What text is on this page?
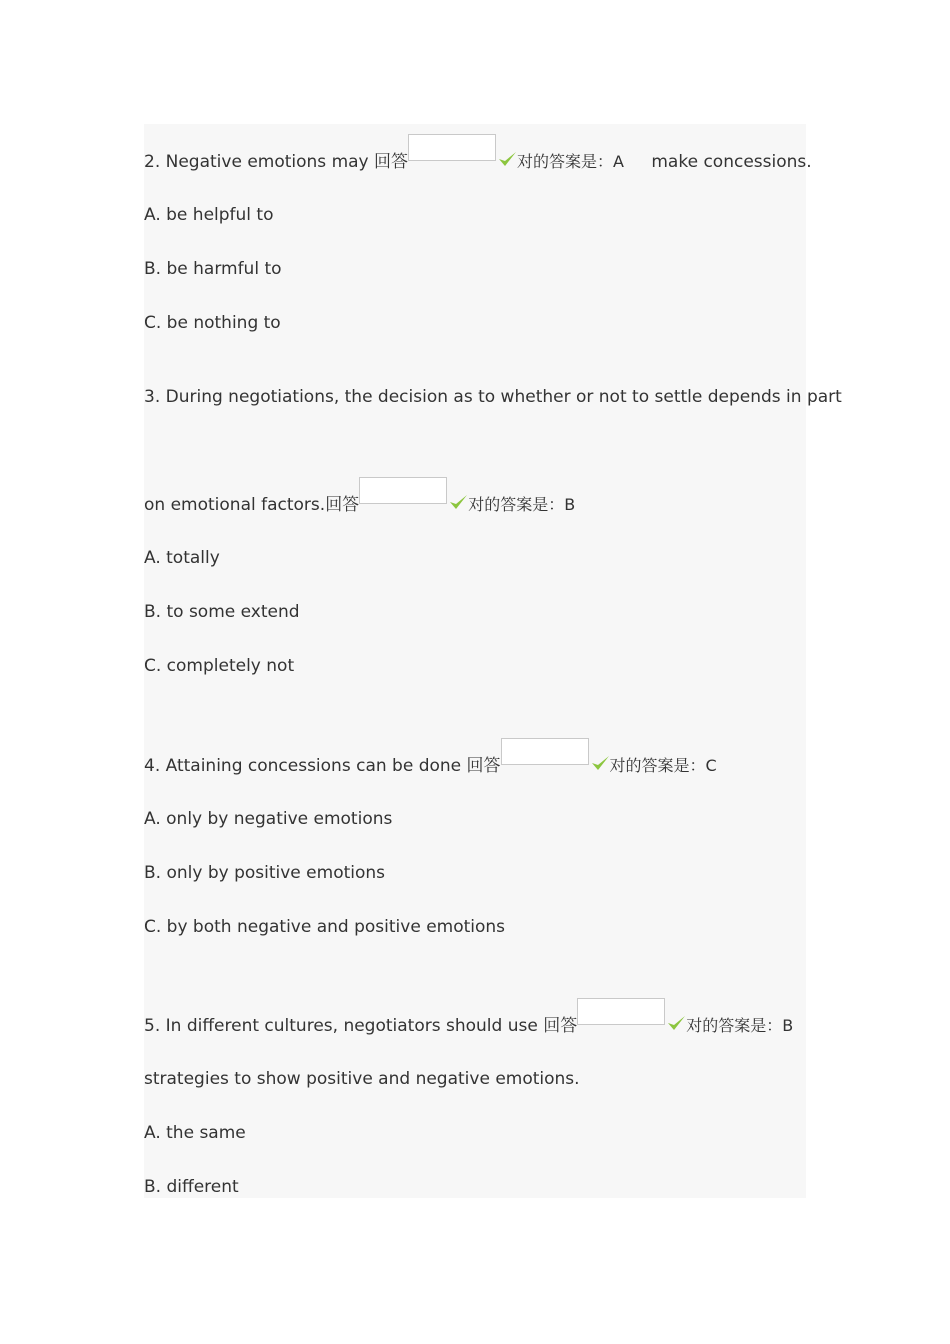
2. Negative emotions may 回答	对的答案是：A make concessions.
A. be helpful to
B. be harmful to
C. be nothing to
3. During negotiations, the decision as to whether or not to settle depends in part
on emotional factors.回答	对的答案是：B
A. totally
B. to some extend
C. completely not
4. Attaining concessions can be done 回答	对的答案是：C
A. only by negative emotions
B. only by positive emotions
C. by both negative and positive emotions
5. In different cultures, negotiators should use 回答	对的答案是：B
strategies to show positive and negative emotions.
A. the same
B. different
